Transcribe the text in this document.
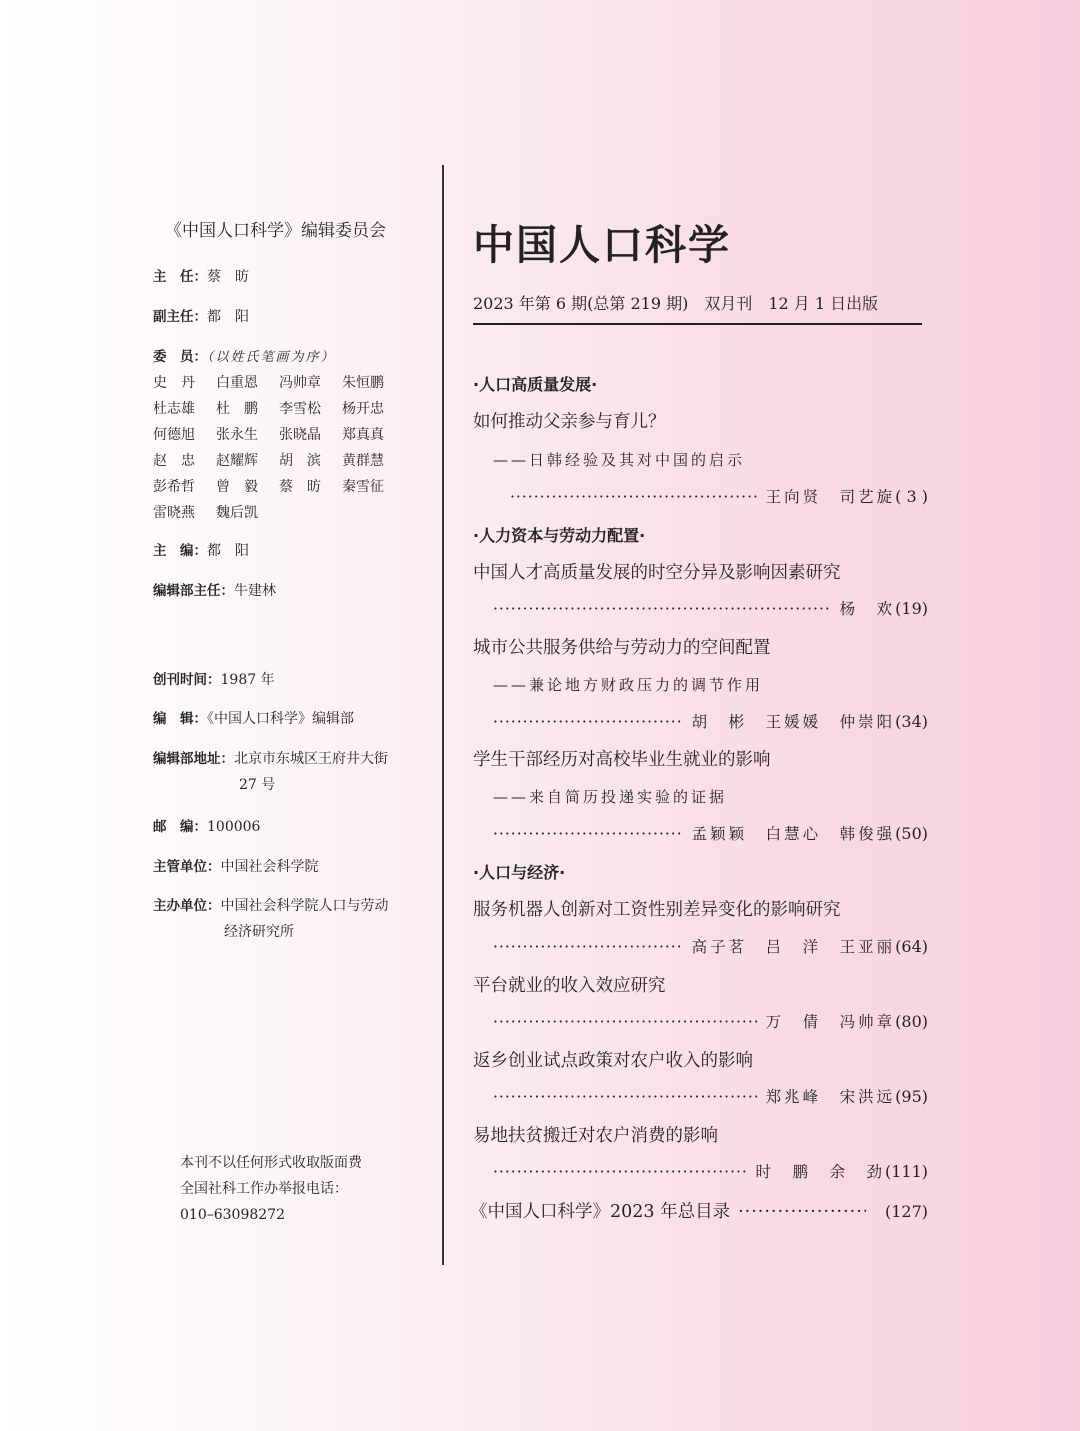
《中国人口科学》编辑委员会
主　任：蔡　昉
副主任：都　阳
委　员：（以姓氏笔画为序）
史　丹	白重恩	冯帅章	朱恒鹏
杜志雄	杜　鹏	李雪松	杨开忠
何德旭	张永生	张晓晶	郑真真
赵　忠	赵耀辉	胡　滨	黄群慧
彭希哲	曾　毅	蔡　昉	秦雪征
雷晓燕	魏后凯
主　编：都　阳
编辑部主任：牛建林
创刊时间：1987 年
编　辑：《中国人口科学》编辑部
编辑部地址：北京市东城区王府井大街
27 号
邮　编：100006
主管单位：中国社会科学院
主办单位：中国社会科学院人口与劳动
经济研究所
本刊不以任何形式收取版面费
全国社科工作办举报电话：
010–63098272
中国人口科学
2023 年第 6 期(总第 219 期)　双月刊　12 月 1 日出版
·人口高质量发展·
如何推动父亲参与育儿？
——日韩经验及其对中国的启示
·····
王向贤　司艺旋 ( 3 )
·人力资本与劳动力配置·
中国人才高质量发展的时空分异及影响因素研究
·····
杨　欢 (19)
城市公共服务供给与劳动力的空间配置
——兼论地方财政压力的调节作用
·····
胡　彬　王媛媛　仲崇阳 (34)
学生干部经历对高校毕业生就业的影响
——来自简历投递实验的证据
·····
孟颖颖　白慧心　韩俊强 (50)
·人口与经济·
服务机器人创新对工资性别差异变化的影响研究
·····
高子茗　吕　洋　王亚丽 (64)
平台就业的收入效应研究
·····
万　倩　冯帅章 (80)
返乡创业试点政策对农户收入的影响
·····
郑兆峰　宋洪远 (95)
易地扶贫搬迁对农户消费的影响
·····
时　鹏　余　劲 (111)
《中国人口科学》2023 年总目录
·····	(127)
